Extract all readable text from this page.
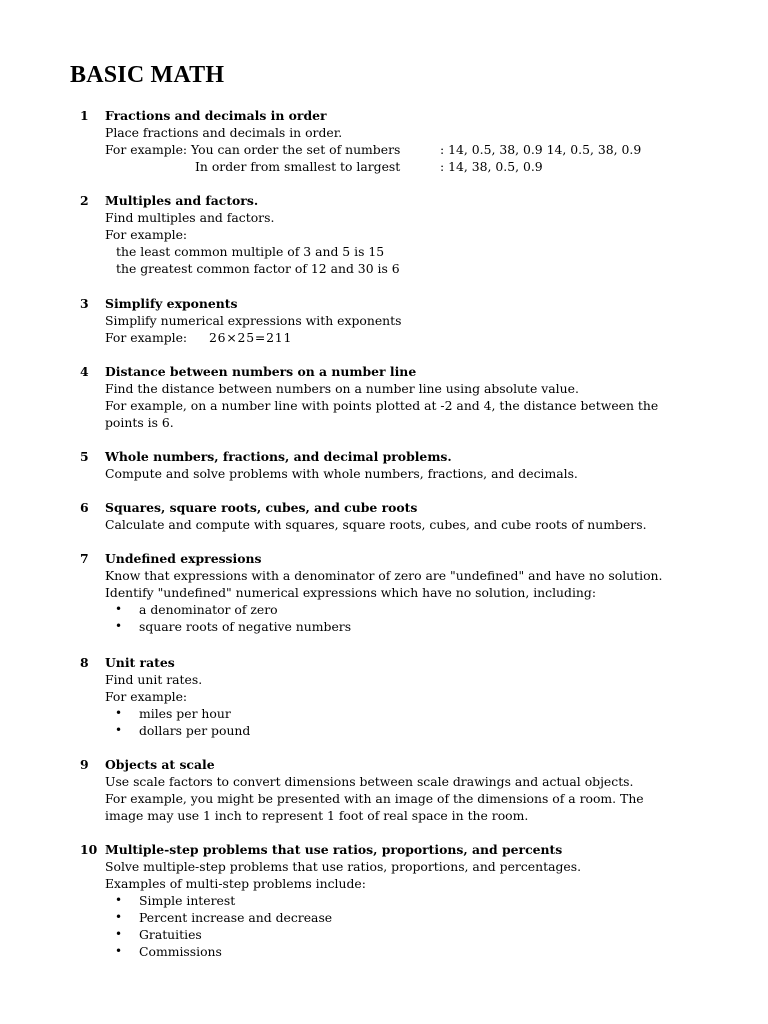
BASIC MATH
1 Fractions and decimals in order
Place fractions and decimals in order.
For example: You can order the set of numbers	: 14, 0.5, 38, 0.9 14, 0.5, 38, 0.9
In order from smallest to largest	: 14, 38, 0.5, 0.9
2 Multiples and factors.
Find multiples and factors.
For example:
the least common multiple of 3 and 5 is 15
the greatest common factor of 12 and 30 is 6
3 Simplify exponents
Simplify numerical expressions with exponents
For example: 26×25=211
4 Distance between numbers on a number line
Find the distance between numbers on a number line using absolute value.
For example, on a number line with points plotted at -2 and 4, the distance between the
points is 6.
5 Whole numbers, fractions, and decimal problems.
Compute and solve problems with whole numbers, fractions, and decimals.
6 Squares, square roots, cubes, and cube roots
Calculate and compute with squares, square roots, cubes, and cube roots of numbers.
7 Undefined expressions
Know that expressions with a denominator of zero are "undefined" and have no solution.
Identify "undefined" numerical expressions which have no solution, including:
• a denominator of zero
• square roots of negative numbers
8 Unit rates
Find unit rates.
For example:
• miles per hour
• dollars per pound
9 Objects at scale
Use scale factors to convert dimensions between scale drawings and actual objects.
For example, you might be presented with an image of the dimensions of a room. The
image may use 1 inch to represent 1 foot of real space in the room.
10 Multiple-step problems that use ratios, proportions, and percents
Solve multiple-step problems that use ratios, proportions, and percentages.
Examples of multi-step problems include:
• Simple interest
• Percent increase and decrease
• Gratuities
• Commissions
